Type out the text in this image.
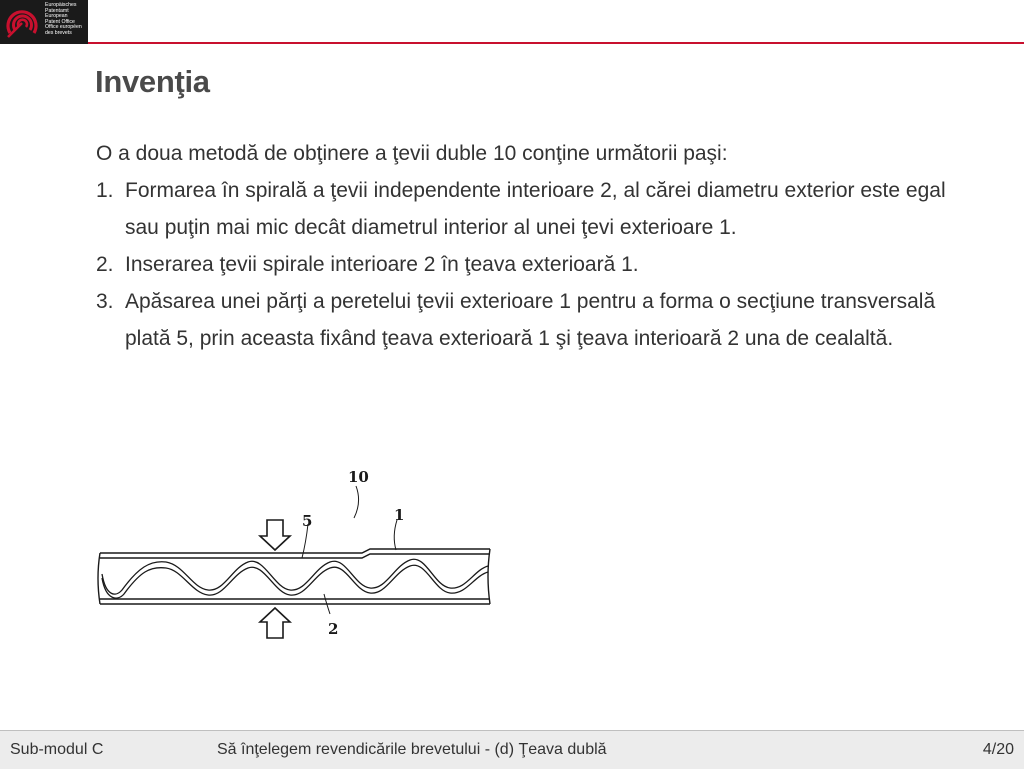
Europäisches
Patentamt
European
Patent Office
Office européen
des brevets
Invenţia

O a doua metodă de obţinere a ţevii duble 10 conţine următorii paşi:

1. Formarea în spirală a ţevii independente interioare 2, al cărei diametru exterior este egal sau puţin mai mic decât diametrul interior al unei ţevi exterioare 1.
2. Inserarea ţevii spirale interioare 2 în ţeava exterioară 1.
3. Apăsarea unei părţi a peretelui ţevii exterioare 1 pentru a forma o secţiune transversală plată 5, prin aceasta fixând ţeava exterioară 1 şi ţeava interioară 2 una de cealaltă.
10
1
5
2
Sub-modul C	Să înţelegem revendicările brevetului - (d) Ţeava dublă	4/20
